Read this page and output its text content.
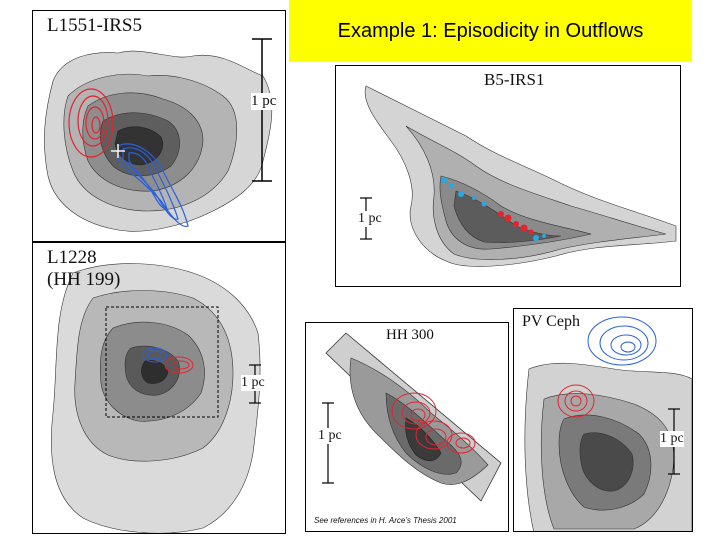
Example 1: Episodicity in Outflows
L1551-IRS5
1 pc
B5-IRS1
1 pc
L1228
(HH 199)
1 pc
HH 300
1 pc
PV Ceph
1 pc
See references in H. Arce’s Thesis 2001
